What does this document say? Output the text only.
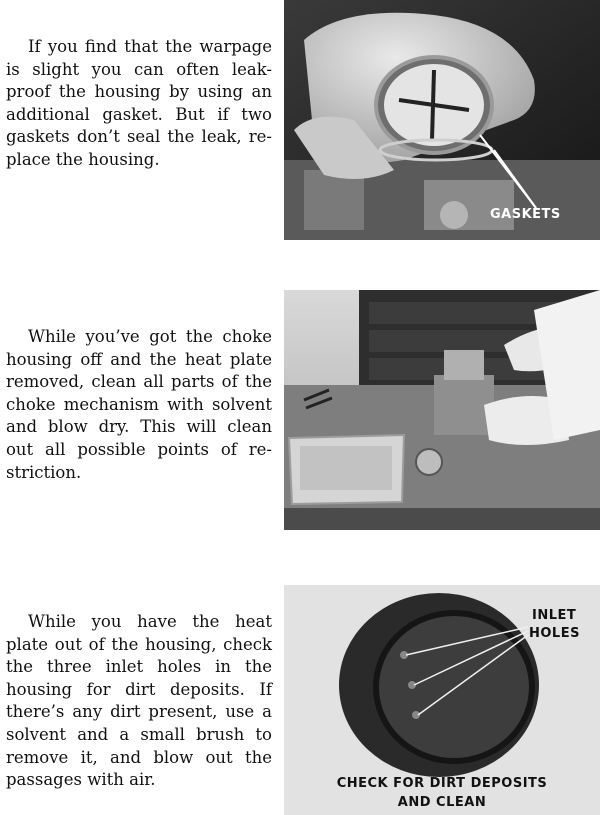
If you find that the warpage is slight you can often leak-proof the housing by using an additional gasket. But if two gaskets don’t seal the leak, re-place the housing.

GASKETS

While you’ve got the choke housing off and the heat plate removed, clean all parts of the choke mechanism with solvent and blow dry. This will clean out all possible points of re-striction.

While you have the heat plate out of the housing, check the three inlet holes in the housing for dirt deposits. If there’s any dirt present, use a solvent and a small brush to remove it, and blow out the passages with air.

INLET
HOLES
CHECK FOR DIRT DEPOSITS
AND CLEAN
